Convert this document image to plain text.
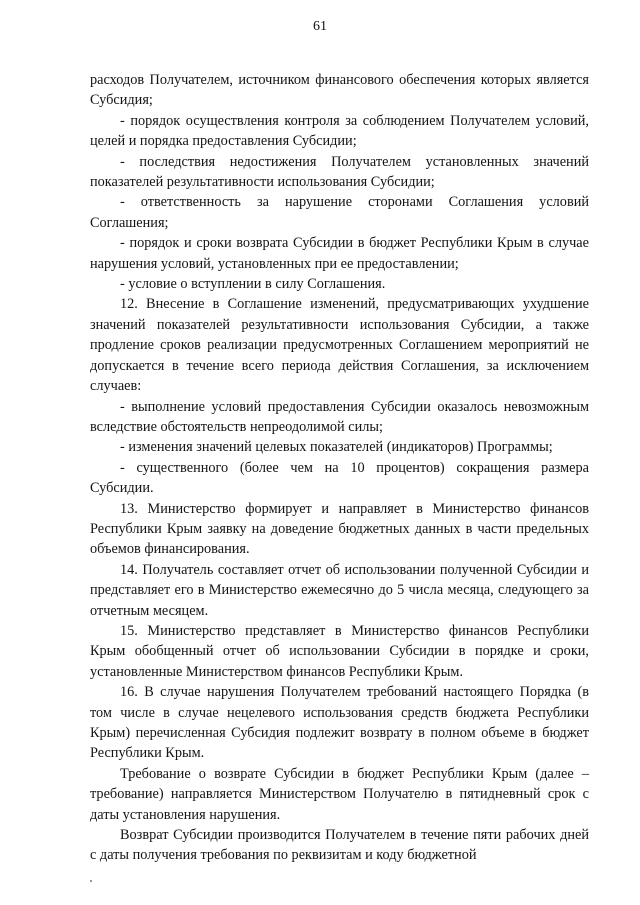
61

расходов Получателем, источником финансового обеспечения которых является Субсидия;

- порядок осуществления контроля за соблюдением Получателем условий, целей и порядка предоставления Субсидии;

- последствия недостижения Получателем установленных значений показателей результативности использования Субсидии;

- ответственность за нарушение сторонами Соглашения условий Соглашения;

- порядок и сроки возврата Субсидии в бюджет Республики Крым в случае нарушения условий, установленных при ее предоставлении;

- условие о вступлении в силу Соглашения.

12. Внесение в Соглашение изменений, предусматривающих ухудшение значений показателей результативности использования Субсидии, а также продление сроков реализации предусмотренных Соглашением мероприятий не допускается в течение всего периода действия Соглашения, за исключением случаев:

- выполнение условий предоставления Субсидии оказалось невозможным вследствие обстоятельств непреодолимой силы;

- изменения значений целевых показателей (индикаторов) Программы;

- существенного (более чем на 10 процентов) сокращения размера Субсидии.

13. Министерство формирует и направляет в Министерство финансов Республики Крым заявку на доведение бюджетных данных в части предельных объемов финансирования.

14. Получатель составляет отчет об использовании полученной Субсидии и представляет его в Министерство ежемесячно до 5 числа месяца, следующего за отчетным месяцем.

15. Министерство представляет в Министерство финансов Республики Крым обобщенный отчет об использовании Субсидии в порядке и сроки, установленные Министерством финансов Республики Крым.

16. В случае нарушения Получателем требований настоящего Порядка (в том числе в случае нецелевого использования средств бюджета Республики Крым) перечисленная Субсидия подлежит возврату в полном объеме в бюджет Республики Крым.

Требование о возврате Субсидии в бюджет Республики Крым (далее – требование) направляется Министерством Получателю в пятидневный срок с даты установления нарушения.

Возврат Субсидии производится Получателем в течение пяти рабочих дней с даты получения требования по реквизитам и коду бюджетной
